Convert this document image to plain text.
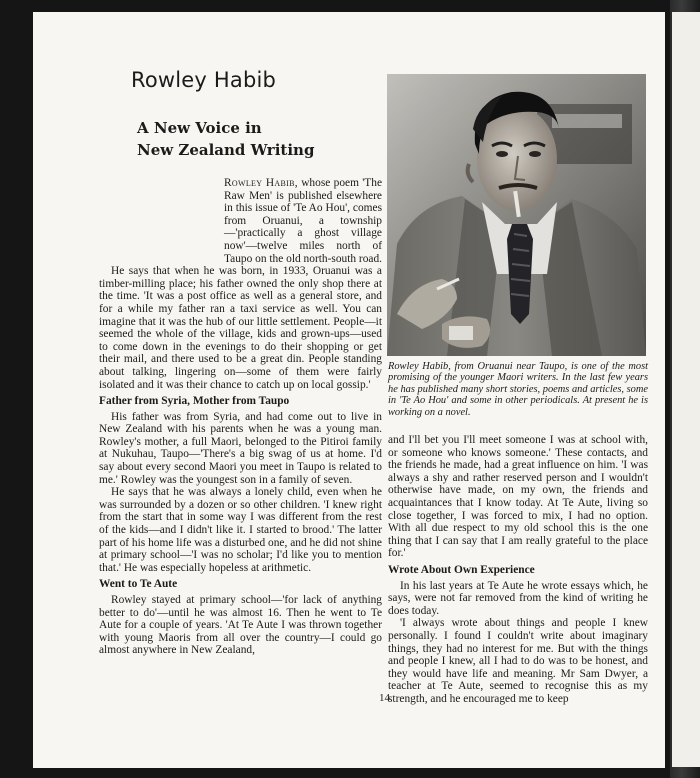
Rowley Habib
A New Voice in
New Zealand Writing

Rowley Habib, whose poem 'The Raw Men' is published elsewhere in this issue of 'Te Ao Hou', comes from Oruanui, a township—'practically a ghost village now'—twelve miles north of Taupo on the old north-south road.

He says that when he was born, in 1933, Oruanui was a timber-milling place; his father owned the only shop there at the time. 'It was a post office as well as a general store, and for a while my father ran a taxi service as well. You can imagine that it was the hub of our little settlement. People—it seemed the whole of the village, kids and grown-ups—used to come down in the evenings to do their shopping or get their mail, and there used to be a great din. People standing about talking, lingering on—some of them were fairly isolated and it was their chance to catch up on local gossip.'

Father from Syria, Mother from Taupo

His father was from Syria, and had come out to live in New Zealand with his parents when he was a young man. Rowley's mother, a full Maori, belonged to the Pitiroi family at Nukuhau, Taupo—'There's a big swag of us at home. I'd say about every second Maori you meet in Taupo is related to me.' Rowley was the youngest son in a family of seven.

He says that he was always a lonely child, even when he was surrounded by a dozen or so other children. 'I knew right from the start that in some way I was different from the rest of the kids—and I didn't like it. I started to brood.' The latter part of his home life was a disturbed one, and he did not shine at primary school—'I was no scholar; I'd like you to mention that.' He was especially hopeless at arithmetic.

Went to Te Aute

Rowley stayed at primary school—'for lack of anything better to do'—until he was almost 16. Then he went to Te Aute for a couple of years. 'At Te Aute I was thrown together with young Maoris from all over the country—I could go almost anywhere in New Zealand,

Rowley Habib, from Oruanui near Taupo, is one of the most promising of the younger Maori writers. In the last few years he has published many short stories, poems and articles, some in 'Te Ao Hou' and some in other periodicals. At present he is working on a novel.

and I'll bet you I'll meet someone I was at school with, or someone who knows someone.' These contacts, and the friends he made, had a great influence on him. 'I was always a shy and rather reserved person and I wouldn't otherwise have made, on my own, the friends and acquaintances that I know today. At Te Aute, living so close together, I was forced to mix, I had no option. With all due respect to my old school this is the one thing that I can say that I am really grateful to the place for.'

Wrote About Own Experience

In his last years at Te Aute he wrote essays which, he says, were not far removed from the kind of writing he does today.

'I always wrote about things and people I knew personally. I found I couldn't write about imaginary things, they had no interest for me. But with the things and people I knew, all I had to do was to be honest, and they would have life and meaning. Mr Sam Dwyer, a teacher at Te Aute, seemed to recognise this as my strength, and he encouraged me to keep

14
